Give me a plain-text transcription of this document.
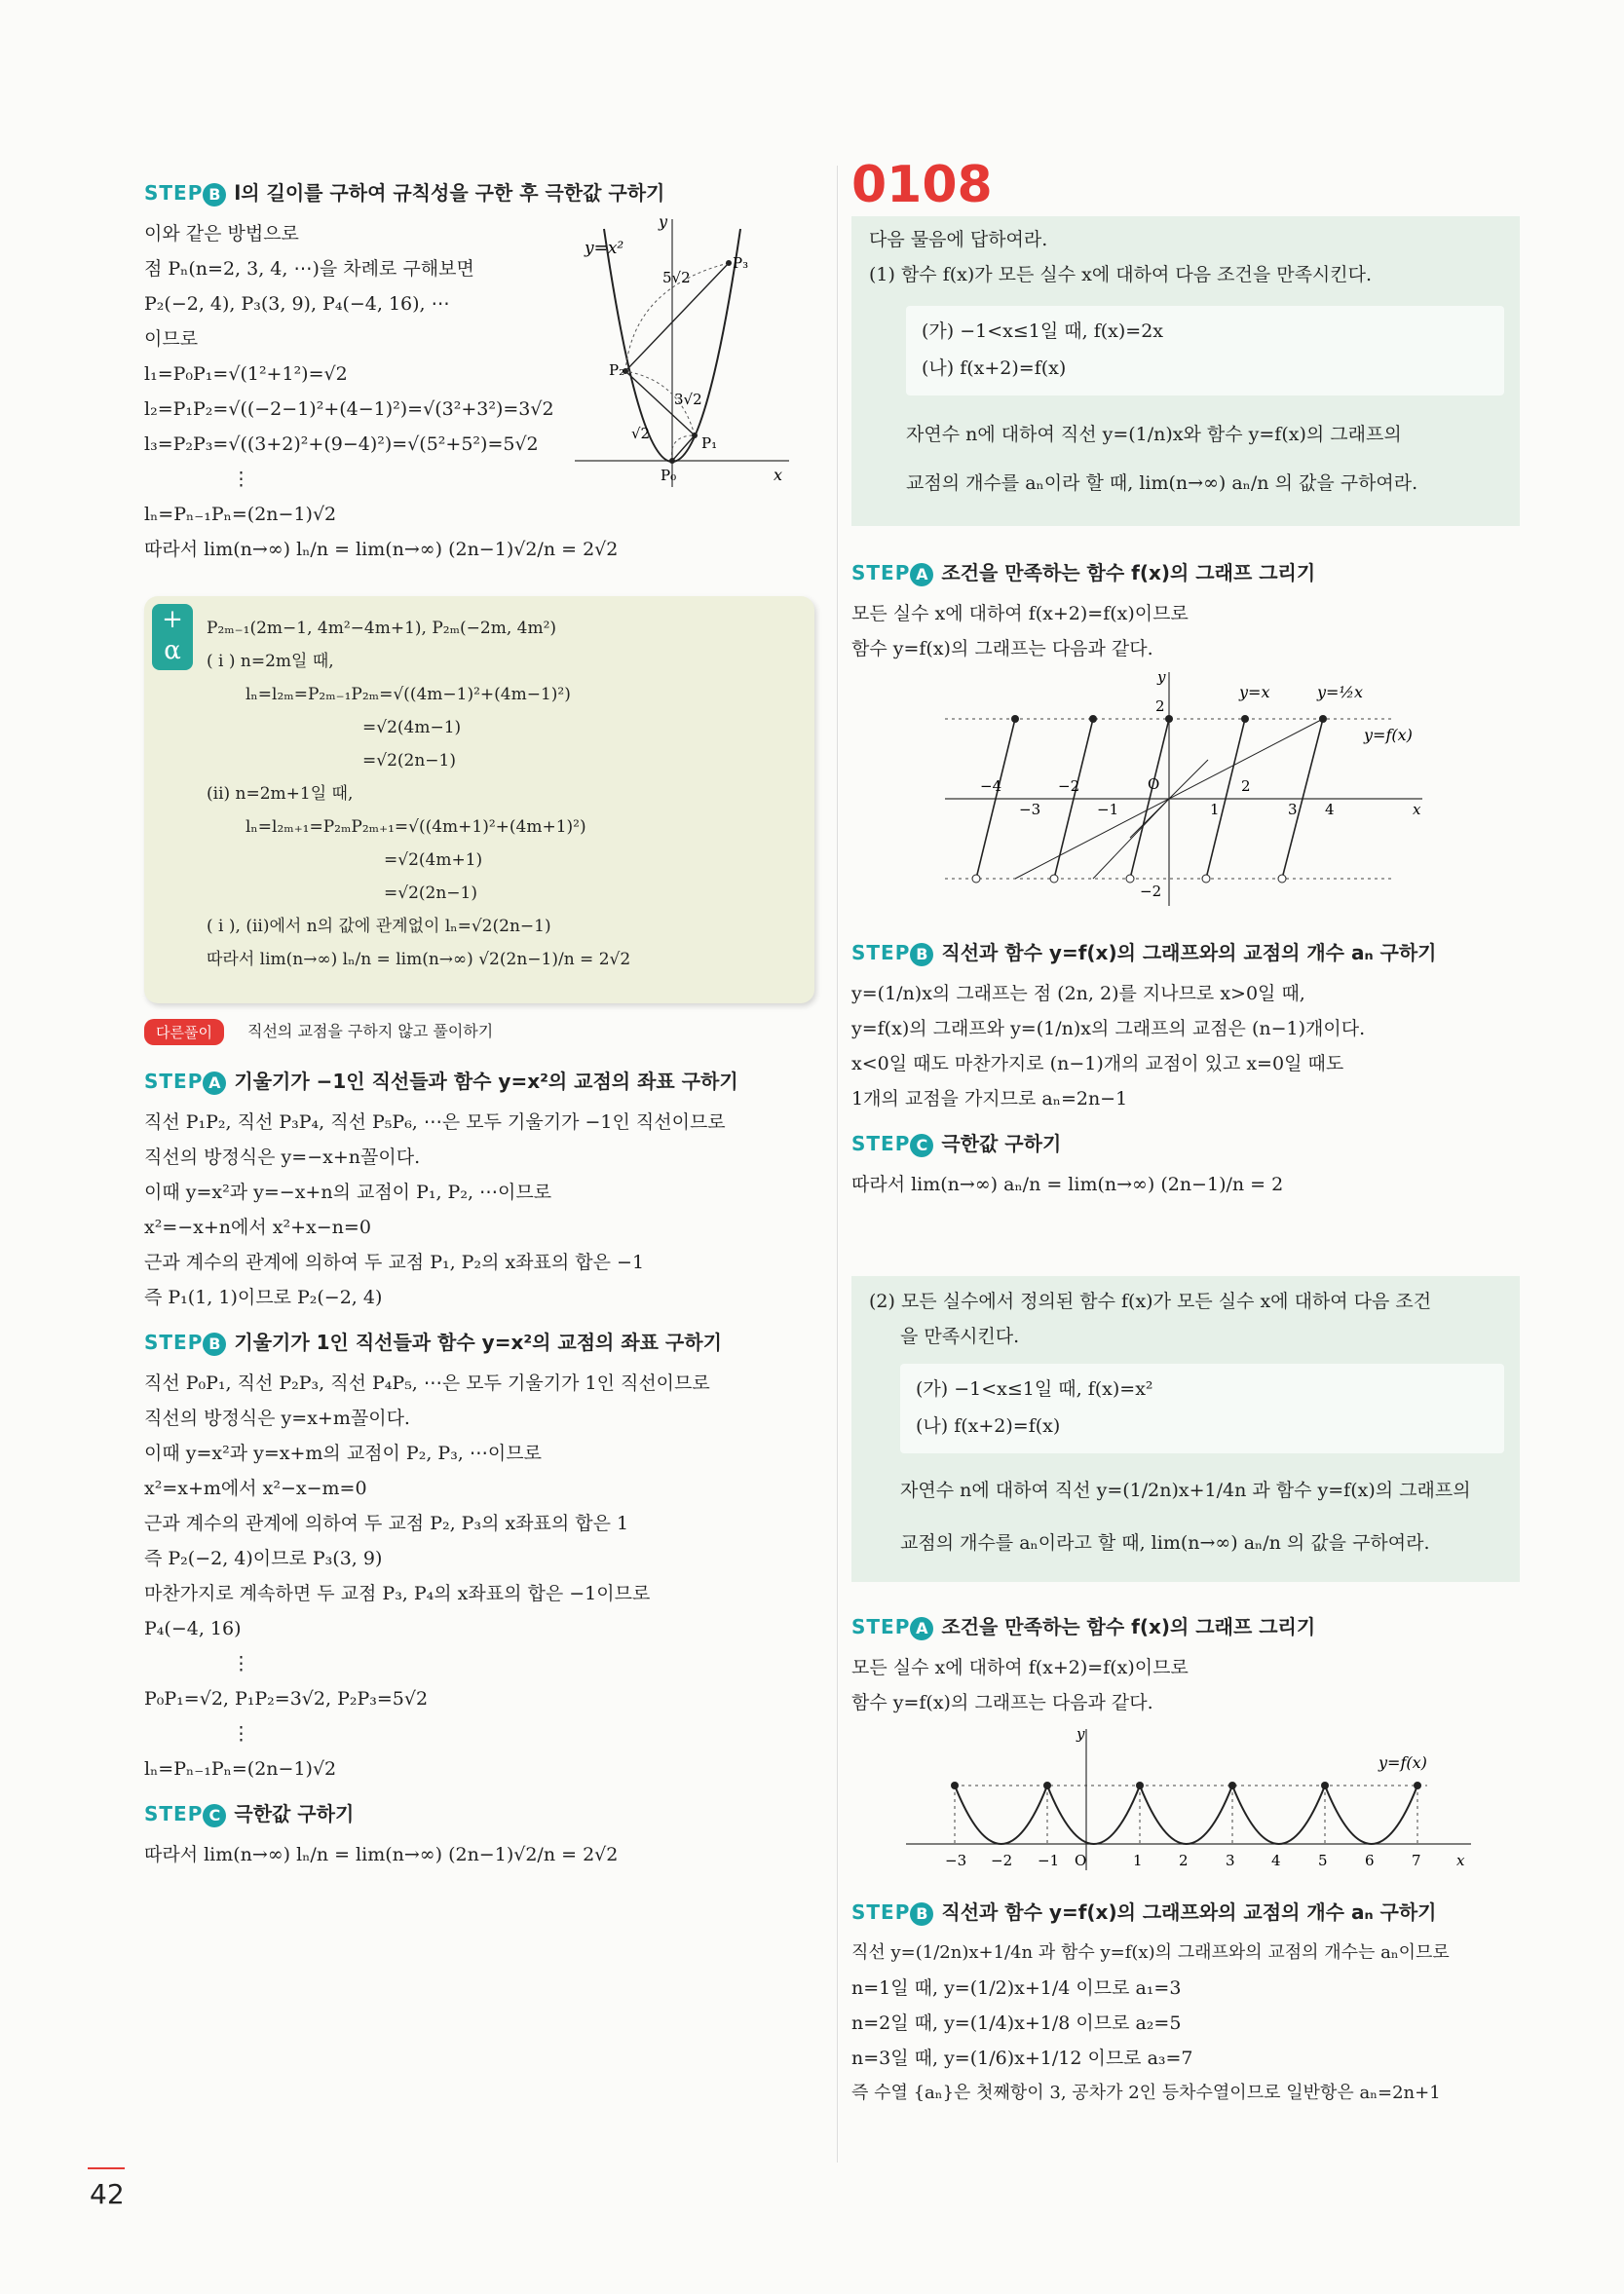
STEP B l의 길이를 구하여 규칙성을 구한 후 극한값 구하기
이와 같은 방법으로
점 Pₙ(n=2, 3, 4, ⋯)을 차례로 구해보면
P₂(−2, 4), P₃(3, 9), P₄(−4, 16), ⋯
이므로
l₁=P₀P₁=√(1²+1²)=√2
l₂=P₁P₂=√((−2−1)²+(4−1)²)=√(3²+3²)=3√2
l₃=P₂P₃=√((3+2)²+(9−4)²)=√(5²+5²)=5√2
⋮
lₙ=Pₙ₋₁Pₙ=(2n−1)√2
따라서 lim(n→∞) lₙ/n = lim(n→∞) (2n−1)√2/n = 2√2
y=x²
P₀
P₁
P₂
P₃
√2
3√2
5√2
x
y
+
α
P₂ₘ₋₁(2m−1, 4m²−4m+1), P₂ₘ(−2m, 4m²)
( i ) n=2m일 때,
lₙ=l₂ₘ=P₂ₘ₋₁P₂ₘ=√((4m−1)²+(4m−1)²)
=√2(4m−1)
=√2(2n−1)
(ii) n=2m+1일 때,
lₙ=l₂ₘ₊₁=P₂ₘP₂ₘ₊₁=√((4m+1)²+(4m+1)²)
=√2(4m+1)
=√2(2n−1)
( i ), (ii)에서 n의 값에 관계없이 lₙ=√2(2n−1)
따라서 lim(n→∞) lₙ/n = lim(n→∞) √2(2n−1)/n = 2√2
다른풀이	직선의 교점을 구하지 않고 풀이하기
STEP A 기울기가 −1인 직선들과 함수 y=x²의 교점의 좌표 구하기
직선 P₁P₂, 직선 P₃P₄, 직선 P₅P₆, ⋯은 모두 기울기가 −1인 직선이므로
직선의 방정식은 y=−x+n꼴이다.
이때 y=x²과 y=−x+n의 교점이 P₁, P₂, ⋯이므로
x²=−x+n에서 x²+x−n=0
근과 계수의 관계에 의하여 두 교점 P₁, P₂의 x좌표의 합은 −1
즉 P₁(1, 1)이므로 P₂(−2, 4)
STEP B 기울기가 1인 직선들과 함수 y=x²의 교점의 좌표 구하기
직선 P₀P₁, 직선 P₂P₃, 직선 P₄P₅, ⋯은 모두 기울기가 1인 직선이므로
직선의 방정식은 y=x+m꼴이다.
이때 y=x²과 y=x+m의 교점이 P₂, P₃, ⋯이므로
x²=x+m에서 x²−x−m=0
근과 계수의 관계에 의하여 두 교점 P₂, P₃의 x좌표의 합은 1
즉 P₂(−2, 4)이므로 P₃(3, 9)
마찬가지로 계속하면 두 교점 P₃, P₄의 x좌표의 합은 −1이므로
P₄(−4, 16)
⋮
P₀P₁=√2, P₁P₂=3√2, P₂P₃=5√2
⋮
lₙ=Pₙ₋₁Pₙ=(2n−1)√2
STEP C 극한값 구하기
따라서 lim(n→∞) lₙ/n = lim(n→∞) (2n−1)√2/n = 2√2
0108
다음 물음에 답하여라.
(1) 함수 f(x)가 모든 실수 x에 대하여 다음 조건을 만족시킨다.
(가) −1<x≤1일 때, f(x)=2x
(나) f(x+2)=f(x)
자연수 n에 대하여 직선 y=(1/n)x와 함수 y=f(x)의 그래프의
교점의 개수를 aₙ이라 할 때, lim(n→∞) aₙ/n 의 값을 구하여라.
STEP A 조건을 만족하는 함수 f(x)의 그래프 그리기
모든 실수 x에 대하여 f(x+2)=f(x)이므로
함수 y=f(x)의 그래프는 다음과 같다.
y
x
O
2
−2
y=x	y=½x
y=f(x)
−4
−3
−2
−1	1
2
3 4
STEP B 직선과 함수 y=f(x)의 그래프와의 교점의 개수 aₙ 구하기
y=(1/n)x의 그래프는 점 (2n, 2)를 지나므로 x>0일 때,
y=f(x)의 그래프와 y=(1/n)x의 그래프의 교점은 (n−1)개이다.
x<0일 때도 마찬가지로 (n−1)개의 교점이 있고 x=0일 때도
1개의 교점을 가지므로 aₙ=2n−1
STEP C 극한값 구하기
따라서 lim(n→∞) aₙ/n = lim(n→∞) (2n−1)/n = 2
(2) 모든 실수에서 정의된 함수 f(x)가 모든 실수 x에 대하여 다음 조건
을 만족시킨다.
(가) −1<x≤1일 때, f(x)=x²
(나) f(x+2)=f(x)
자연수 n에 대하여 직선 y=(1/2n)x+1/4n 과 함수 y=f(x)의 그래프의
교점의 개수를 aₙ이라고 할 때, lim(n→∞) aₙ/n 의 값을 구하여라.
STEP A 조건을 만족하는 함수 f(x)의 그래프 그리기
모든 실수 x에 대하여 f(x+2)=f(x)이므로
함수 y=f(x)의 그래프는 다음과 같다.
y
x
O
y=f(x)
−3 −2 −1	1 2	3 4	5	6	7
STEP B 직선과 함수 y=f(x)의 그래프와의 교점의 개수 aₙ 구하기
직선 y=(1/2n)x+1/4n 과 함수 y=f(x)의 그래프와의 교점의 개수는 aₙ이므로
n=1일 때, y=(1/2)x+1/4 이므로 a₁=3
n=2일 때, y=(1/4)x+1/8 이므로 a₂=5
n=3일 때, y=(1/6)x+1/12 이므로 a₃=7
즉 수열 {aₙ}은 첫째항이 3, 공차가 2인 등차수열이므로 일반항은 aₙ=2n+1
42
